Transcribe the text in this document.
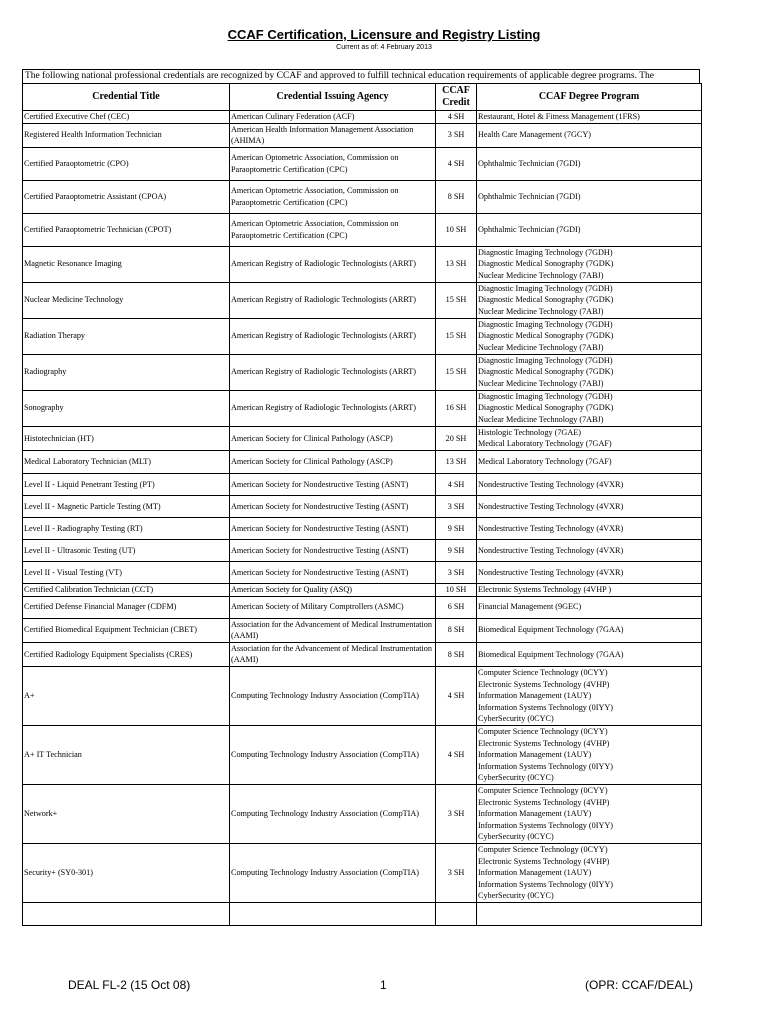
CCAF Certification, Licensure and Registry Listing
Current as of: 4 February 2013
The following national professional credentials are recognized by CCAF and approved to fulfill technical education requirements of applicable degree programs. The
Credential Title	Credential Issuing Agency	CCAF Credit	CCAF Degree Program
Certified Executive Chef (CEC)	American Culinary Federation (ACF)	4 SH	Restaurant, Hotel & Fitness Management (1FRS)

Registered Health Information Technician	American Health Information Management Association (AHIMA)	3 SH	Health Care Management (7GCY)

Certified Paraoptometric (CPO)	American Optometric Association, Commission on Paraoptometric Certification (CPC)	4 SH	Ophthalmic Technician (7GDI)

Certified Paraoptometric Assistant (CPOA)	American Optometric Association, Commission on Paraoptometric Certification (CPC)	8 SH	Ophthalmic Technician (7GDI)

Certified Paraoptometric Technician (CPOT)	American Optometric Association, Commission on Paraoptometric Certification (CPC)	10 SH	Ophthalmic Technician (7GDI)

Magnetic Resonance Imaging	American Registry of Radiologic Technologists (ARRT)	13 SH	Diagnostic Imaging Technology (7GDH)
Diagnostic Medical Sonography (7GDK)
Nuclear Medicine Technology (7ABJ)

Nuclear Medicine Technology	American Registry of Radiologic Technologists (ARRT)	15 SH	Diagnostic Imaging Technology (7GDH)
Diagnostic Medical Sonography (7GDK)
Nuclear Medicine Technology (7ABJ)

Radiation Therapy	American Registry of Radiologic Technologists (ARRT)	15 SH	Diagnostic Imaging Technology (7GDH)
Diagnostic Medical Sonography (7GDK)
Nuclear Medicine Technology (7ABJ)

Radiography	American Registry of Radiologic Technologists (ARRT)	15 SH	Diagnostic Imaging Technology (7GDH)
Diagnostic Medical Sonography (7GDK)
Nuclear Medicine Technology (7ABJ)

Sonography	American Registry of Radiologic Technologists (ARRT)	16 SH	Diagnostic Imaging Technology (7GDH)
Diagnostic Medical Sonography (7GDK)
Nuclear Medicine Technology (7ABJ)

Histotechnician (HT)	American Society for Clinical Pathology (ASCP)	20 SH	Histologic Technology (7GAE)
Medical Laboratory Technology (7GAF)

Medical Laboratory Technician (MLT)	American Society for Clinical Pathology (ASCP)	13 SH	Medical Laboratory Technology (7GAF)

Level II - Liquid Penetrant Testing (PT)	American Society for Nondestructive Testing (ASNT)	4 SH	Nondestructive Testing Technology (4VXR)

Level II - Magnetic Particle Testing (MT)	American Society for Nondestructive Testing (ASNT)	3 SH	Nondestructive Testing Technology (4VXR)

Level II - Radiography Testing (RT)	American Society for Nondestructive Testing (ASNT)	9 SH	Nondestructive Testing Technology (4VXR)

Level II - Ultrasonic Testing (UT)	American Society for Nondestructive Testing (ASNT)	9 SH	Nondestructive Testing Technology (4VXR)

Level II - Visual Testing (VT)	American Society for Nondestructive Testing (ASNT)	3 SH	Nondestructive Testing Technology (4VXR)

Certified Calibration Technician (CCT)	American Society for Quality (ASQ)	10 SH	Electronic Systems Technology (4VHP )

Certified Defense Financial Manager (CDFM)	American Society of Military Comptrollers (ASMC)	6 SH	Financial Management (9GEC)

Certified Biomedical Equipment Technician (CBET)	Association for the Advancement of Medical Instrumentation (AAMI)	8 SH	Biomedical Equipment Technology (7GAA)

Certified Radiology Equipment Specialists (CRES)	Association for the Advancement of Medical Instrumentation (AAMI)	8 SH	Biomedical Equipment Technology (7GAA)

A+	Computing Technology Industry Association (CompTIA)	4 SH	Computer Science Technology (0CYY)
Electronic Systems Technology (4VHP)
Information Management (1AUY)
Information Systems Technology (0IYY)
CyberSecurity (0CYC)

A+ IT Technician	Computing Technology Industry Association (CompTIA)	4 SH	Computer Science Technology (0CYY)
Electronic Systems Technology (4VHP)
Information Management (1AUY)
Information Systems Technology (0IYY)
CyberSecurity (0CYC)

Network+	Computing Technology Industry Association (CompTIA)	3 SH	Computer Science Technology (0CYY)
Electronic Systems Technology (4VHP)
Information Management (1AUY)
Information Systems Technology (0IYY)
CyberSecurity (0CYC)

Security+ (SY0-301)	Computing Technology Industry Association (CompTIA)	3 SH	Computer Science Technology (0CYY)
Electronic Systems Technology (4VHP)
Information Management (1AUY)
Information Systems Technology (0IYY)
CyberSecurity (0CYC)

DEAL FL-2 (15 Oct 08)	1	(OPR: CCAF/DEAL)
